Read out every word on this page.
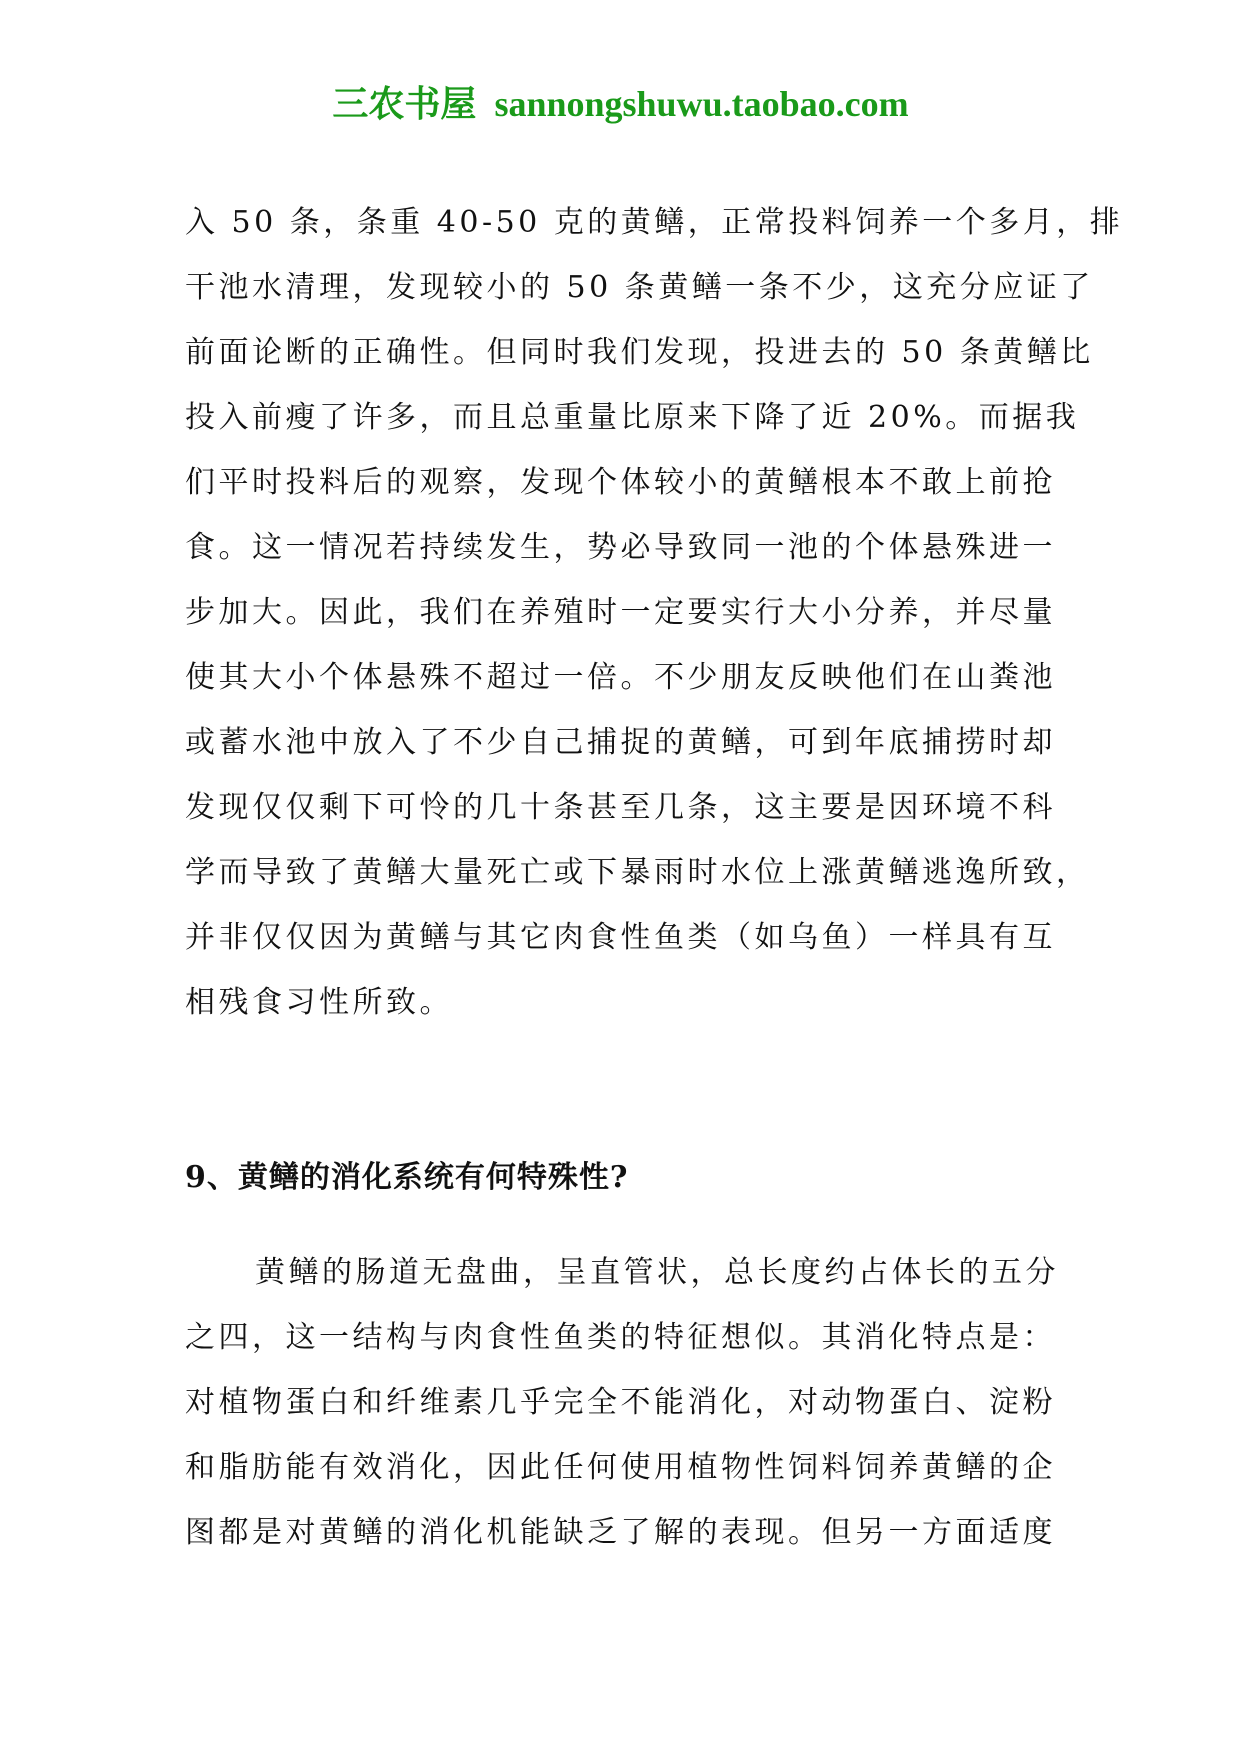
三农书屋 sannongshuwu.taobao.com
入 50 条，条重 40-50 克的黄鳝，正常投料饲养一个多月，排
干池水清理，发现较小的 50 条黄鳝一条不少，这充分应证了
前面论断的正确性。但同时我们发现，投进去的 50 条黄鳝比
投入前瘦了许多，而且总重量比原来下降了近 20%。而据我
们平时投料后的观察，发现个体较小的黄鳝根本不敢上前抢
食。这一情况若持续发生，势必导致同一池的个体悬殊进一
步加大。因此，我们在养殖时一定要实行大小分养，并尽量
使其大小个体悬殊不超过一倍。不少朋友反映他们在山粪池
或蓄水池中放入了不少自己捕捉的黄鳝，可到年底捕捞时却
发现仅仅剩下可怜的几十条甚至几条，这主要是因环境不科
学而导致了黄鳝大量死亡或下暴雨时水位上涨黄鳝逃逸所致，
并非仅仅因为黄鳝与其它肉食性鱼类（如乌鱼）一样具有互
相残食习性所致。
9、黄鳝的消化系统有何特殊性?
黄鳝的肠道无盘曲，呈直管状，总长度约占体长的五分
之四，这一结构与肉食性鱼类的特征想似。其消化特点是：
对植物蛋白和纤维素几乎完全不能消化，对动物蛋白、淀粉
和脂肪能有效消化，因此任何使用植物性饲料饲养黄鳝的企
图都是对黄鳝的消化机能缺乏了解的表现。但另一方面适度
